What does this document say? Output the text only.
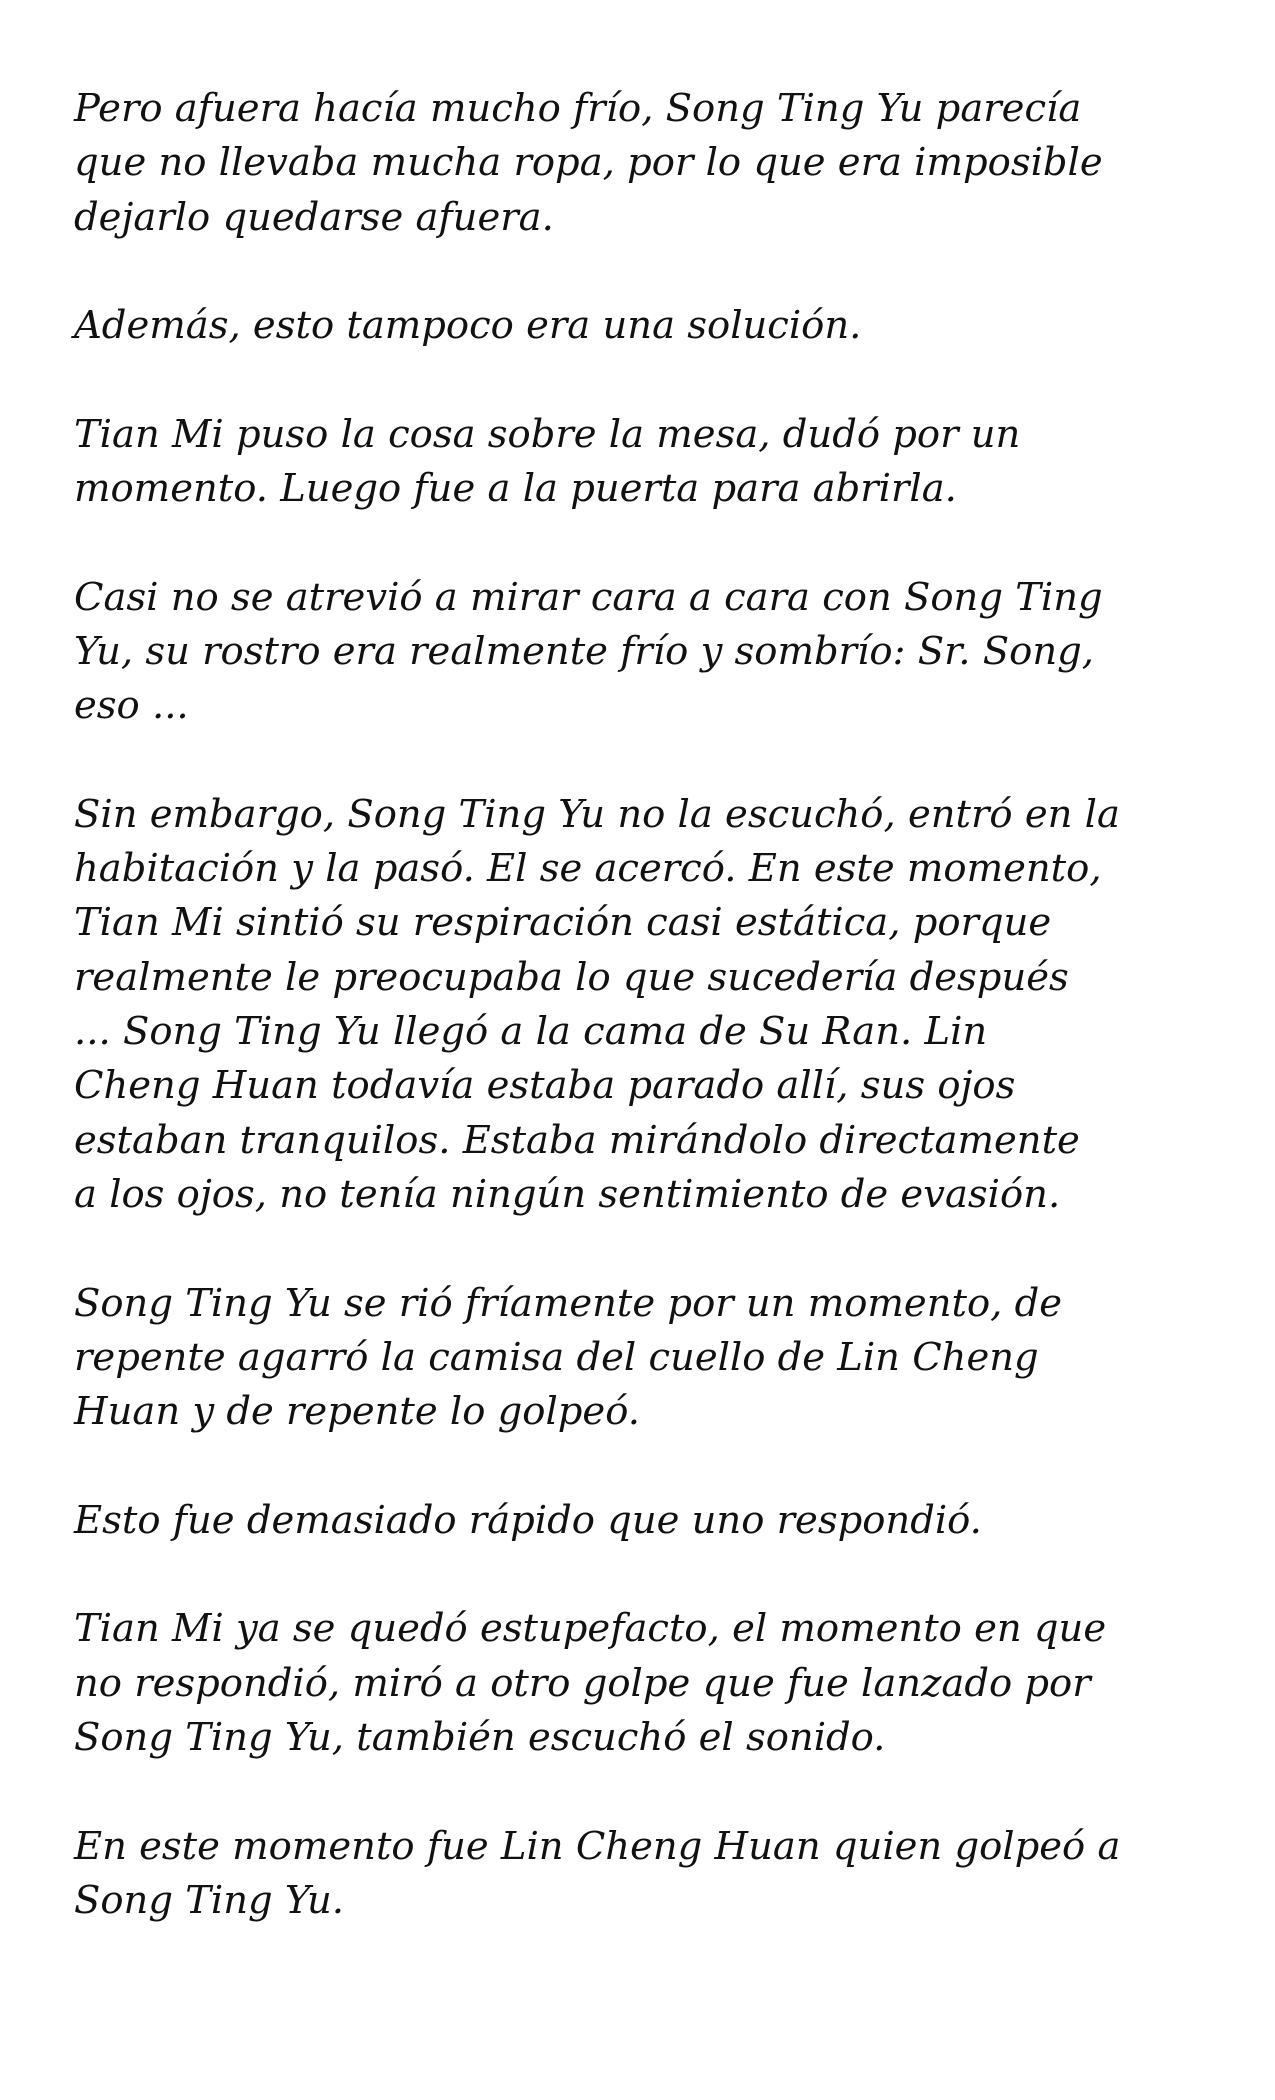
Pero afuera hacía mucho frío, Song Ting Yu parecía
que no llevaba mucha ropa, por lo que era imposible
dejarlo quedarse afuera.

Además, esto tampoco era una solución.

Tian Mi puso la cosa sobre la mesa, dudó por un
momento. Luego fue a la puerta para abrirla.

Casi no se atrevió a mirar cara a cara con Song Ting
Yu, su rostro era realmente frío y sombrío: Sr. Song,
eso ...

Sin embargo, Song Ting Yu no la escuchó, entró en la
habitación y la pasó. El se acercó. En este momento,
Tian Mi sintió su respiración casi estática, porque
realmente le preocupaba lo que sucedería después
... Song Ting Yu llegó a la cama de Su Ran. Lin
Cheng Huan todavía estaba parado allí, sus ojos
estaban tranquilos. Estaba mirándolo directamente
a los ojos, no tenía ningún sentimiento de evasión.

Song Ting Yu se rió fríamente por un momento, de
repente agarró la camisa del cuello de Lin Cheng
Huan y de repente lo golpeó.

Esto fue demasiado rápido que uno respondió.

Tian Mi ya se quedó estupefacto, el momento en que
no respondió, miró a otro golpe que fue lanzado por
Song Ting Yu, también escuchó el sonido.

En este momento fue Lin Cheng Huan quien golpeó a
Song Ting Yu.
